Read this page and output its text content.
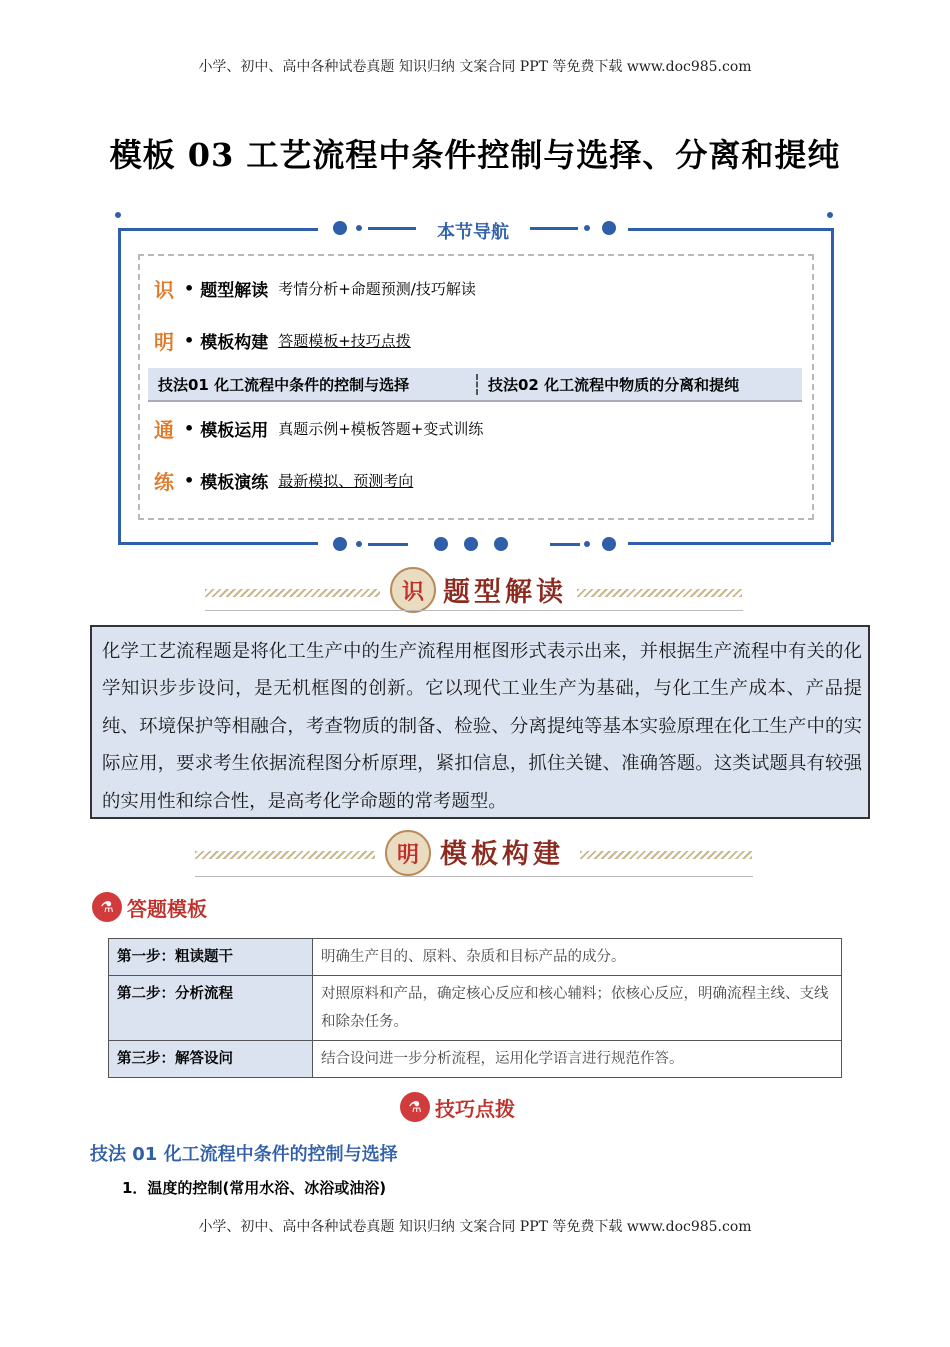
小学、初中、高中各种试卷真题 知识归纳 文案合同 PPT 等免费下载 www.doc985.com
模板 03 工艺流程中条件控制与选择、分离和提纯
本节导航
识 • 题型解读 考情分析+命题预测/技巧解读
明 • 模板构建 答题模板+技巧点拨
技法01 化工流程中条件的控制与选择	技法02 化工流程中物质的分离和提纯
通 • 模板运用 真题示例+模板答题+变式训练
练 • 模板演练 最新模拟、预测考向
识 题型解读
化学工艺流程题是将化工生产中的生产流程用框图形式表示出来，并根据生产流程中有关的化学知识步步设问，是无机框图的创新。它以现代工业生产为基础，与化工生产成本、产品提纯、环境保护等相融合，考查物质的制备、检验、分离提纯等基本实验原理在化工生产中的实际应用，要求考生依据流程图分析原理，紧扣信息，抓住关键、准确答题。这类试题具有较强的实用性和综合性，是高考化学命题的常考题型。
明 模板构建
⚗ 答题模板
第一步：粗读题干	明确生产目的、原料、杂质和目标产品的成分。
第二步：分析流程	对照原料和产品，确定核心反应和核心辅料；依核心反应，明确流程主线、支线和除杂任务。
第三步：解答设问	结合设问进一步分析流程，运用化学语言进行规范作答。
⚗ 技巧点拨
技法 01 化工流程中条件的控制与选择
1．温度的控制(常用水浴、冰浴或油浴)
小学、初中、高中各种试卷真题 知识归纳 文案合同 PPT 等免费下载 www.doc985.com
